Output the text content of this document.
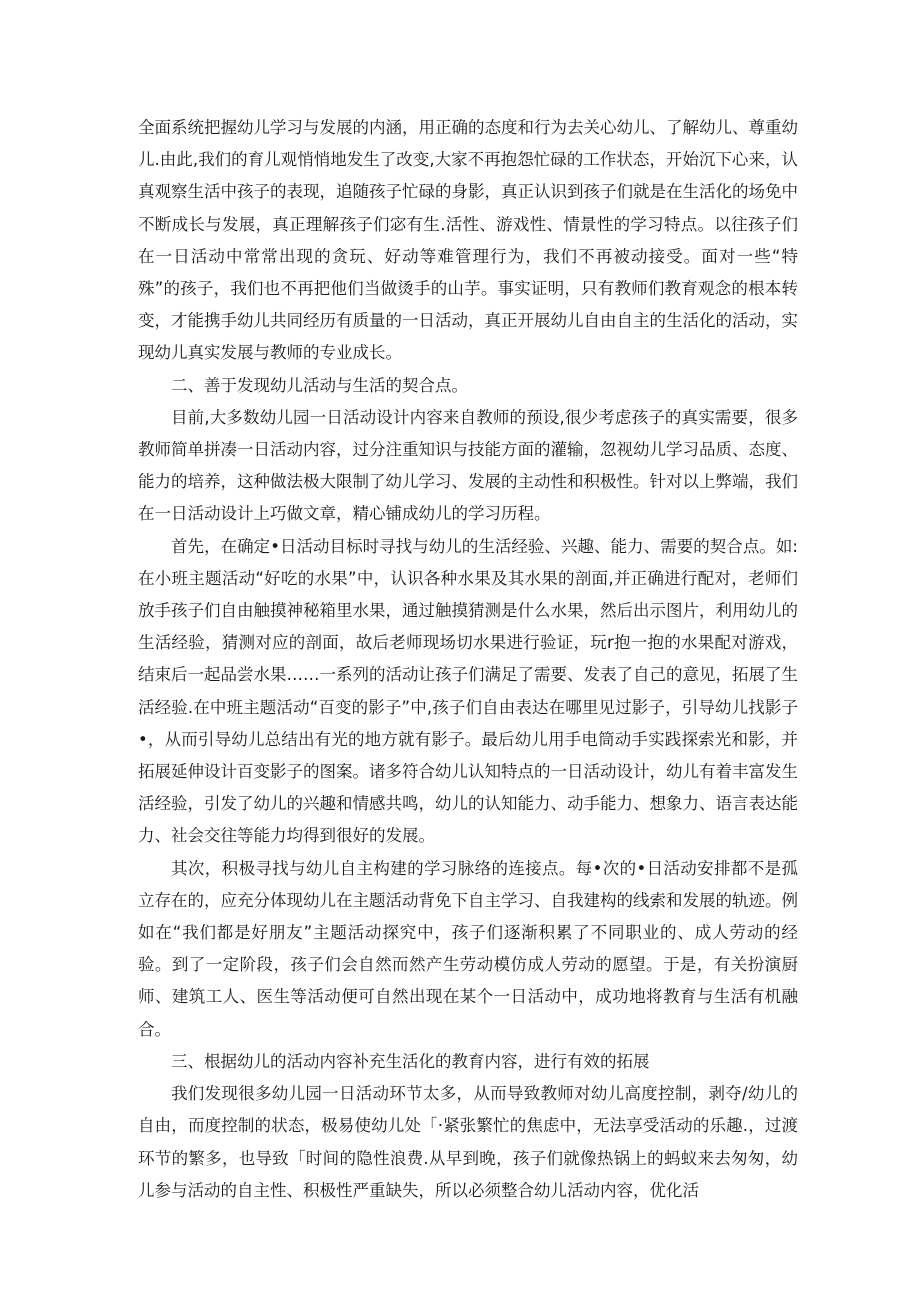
全面系统把握幼儿学习与发展的内涵，用正确的态度和行为去关心幼儿、了解幼儿、尊重幼儿.由此,我们的育儿观悄悄地发生了改变,大家不再抱怨忙碌的工作状态，开始沉下心来，认真观察生活中孩子的表现，追随孩子忙碌的身影，真正认识到孩子们就是在生活化的场免中不断成长与发展，真正理解孩子们宓有生.活性、游戏性、情景性的学习特点。以往孩子们在一日活动中常常出现的贪玩、好动等难管理行为，我们不再被动接受。面对一些“特殊”的孩子，我们也不再把他们当做烫手的山芋。事实证明，只有教师们教育观念的根本转变，才能携手幼儿共同经历有质量的一日活动，真正开展幼儿自由自主的生活化的活动，实现幼儿真实发展与教师的专业成长。

二、善于发现幼儿活动与生活的契合点。

目前,大多数幼儿园一日活动设计内容来自教师的预设,很少考虑孩子的真实需要，很多教师简单拼凑一日活动内容，过分注重知识与技能方面的灌输，忽视幼儿学习品质、态度、能力的培养，这种做法极大限制了幼儿学习、发展的主动性和积极性。针对以上弊端，我们在一日活动设计上巧做文章，精心铺成幼儿的学习历程。

首先，在确定•日活动目标时寻找与幼儿的生活经验、兴趣、能力、需要的契合点。如:在小班主题活动“好吃的水果”中，认识各种水果及其水果的剖面,并正确进行配对，老师们放手孩子们自由触摸神秘箱里水果，通过触摸猜测是什么水果，然后出示图片，利用幼儿的生活经验，猜测对应的剖面，故后老师现场切水果进行验证，玩r抱一抱的水果配对游戏，结束后一起品尝水果……一系列的活动让孩子们满足了需要、发表了自己的意见，拓展了生活经验.在中班主题活动“百变的影子”中,孩子们自由表达在哪里见过影子，引导幼儿找影子•，从而引导幼儿总结出有光的地方就有影子。最后幼儿用手电筒动手实践探索光和影，并拓展延伸设计百变影子的图案。诸多符合幼儿认知特点的一日活动设计，幼儿有着丰富发生活经验，引发了幼儿的兴趣和情感共鸣，幼儿的认知能力、动手能力、想象力、语言表达能力、社会交往等能力均得到很好的发展。

其次，积极寻找与幼儿自主构建的学习脉络的连接点。每•次的•日活动安排都不是孤立存在的，应充分体现幼儿在主题活动背免下自主学习、自我建构的线索和发展的轨迹。例如在“我们都是好朋友”主题活动探究中，孩子们逐渐积累了不同职业的、成人劳动的经验。到了一定阶段，孩子们会自然而然产生劳动模仿成人劳动的愿望。于是，有关扮演厨师、建筑工人、医生等活动便可自然出现在某个一日活动中，成功地将教育与生活有机融合。

三、根据幼儿的活动内容补充生活化的教育内容，进行有效的拓展

我们发现很多幼儿园一日活动环节太多，从而导致教师对幼儿高度控制，剥夺/幼儿的自由，而度控制的状态，极易使幼儿处「·紧张繁忙的焦虑中，无法享受活动的乐趣.，过渡环节的繁多，也导致「时间的隐性浪费.从早到晚，孩子们就像热锅上的蚂蚁来去匆匆，幼儿参与活动的自主性、积极性严重缺失，所以必须整合幼儿活动内容，优化活
